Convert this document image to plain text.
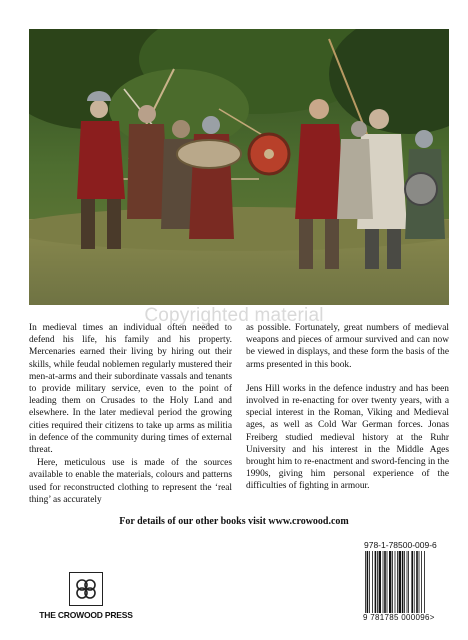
Copyrighted material

In medieval times an individual often needed to defend his life, his family and his property. Mercenaries earned their living by hiring out their skills, while feudal noblemen regularly mustered their men-at-arms and their subordinate vassals and tenants to provide military service, even to the point of leading them on Crusades to the Holy Land and elsewhere. In the later medieval period the growing cities required their citizens to take up arms as militia in defence of the community during times of external threat.

Here, meticulous use is made of the sources available to enable the materials, colours and patterns used for reconstructed clothing to represent the ‘real thing’ as accurately

as possible. Fortunately, great numbers of medieval weapons and pieces of armour survived and can now be viewed in displays, and these form the basis of the arms presented in this book.

Jens Hill works in the defence industry and has been involved in re-enacting for over twenty years, with a special interest in the Roman, Viking and Medieval ages, as well as Cold War German forces. Jonas Freiberg studied medieval history at the Ruhr University and his interest in the Middle Ages brought him to re-enactment and sword-fencing in the 1990s, giving him personal experience of the difficulties of fighting in armour.

For details of our other books visit www.crowood.com
THE CROWOOD PRESS
978-1-78500-009-6
9 781785 000096>
